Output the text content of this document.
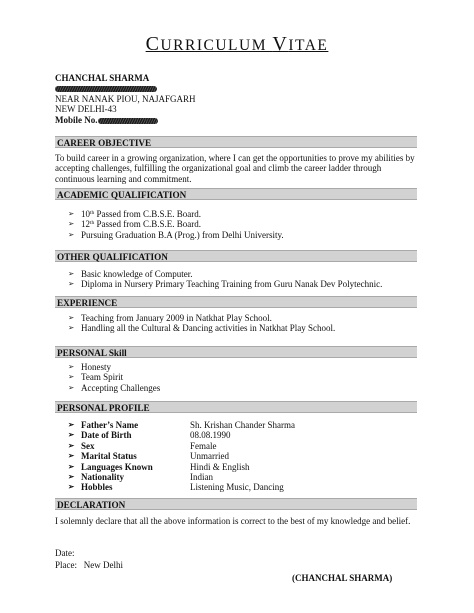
CURRICULUM VITAE
CHANCHAL SHARMA
NEAR NANAK PIOU, NAJAFGARH
NEW DELHI-43
Mobile No.
CAREER OBJECTIVE
To build career in a growing organization, where I can get the opportunities to prove my abilities by accepting challenges, fulfilling the organizational goal and climb the career ladder through continuous learning and commitment.
ACADEMIC QUALIFICATION
➢ 10th Passed from C.B.S.E. Board.
➢ 12th Passed from C.B.S.E. Board.
➢ Pursuing Graduation B.A (Prog.) from Delhi University.
OTHER QUALIFICATION
➢ Basic knowledge of Computer.
➢ Diploma in Nursery Primary Teaching Training from Guru Nanak Dev Polytechnic.
EXPERIENCE
➢ Teaching from January 2009 in Natkhat Play School.
➢ Handling all the Cultural & Dancing activities in Natkhat Play School.
PERSONAL Skill
➢ Honesty
➢ Team Spirit
➢ Accepting Challenges
PERSONAL PROFILE
➢ Father’s Name	Sh. Krishan Chander Sharma
➢ Date of Birth	08.08.1990
➢ Sex	Female
➢ Marital Status	Unmarried
➢ Languages Known	Hindi & English
➢ Nationality	Indian
➢ Hobbles	Listening Music, Dancing
DECLARATION
I solemnly declare that all the above information is correct to the best of my knowledge and belief.
Date:
Place: New Delhi
(CHANCHAL SHARMA)
